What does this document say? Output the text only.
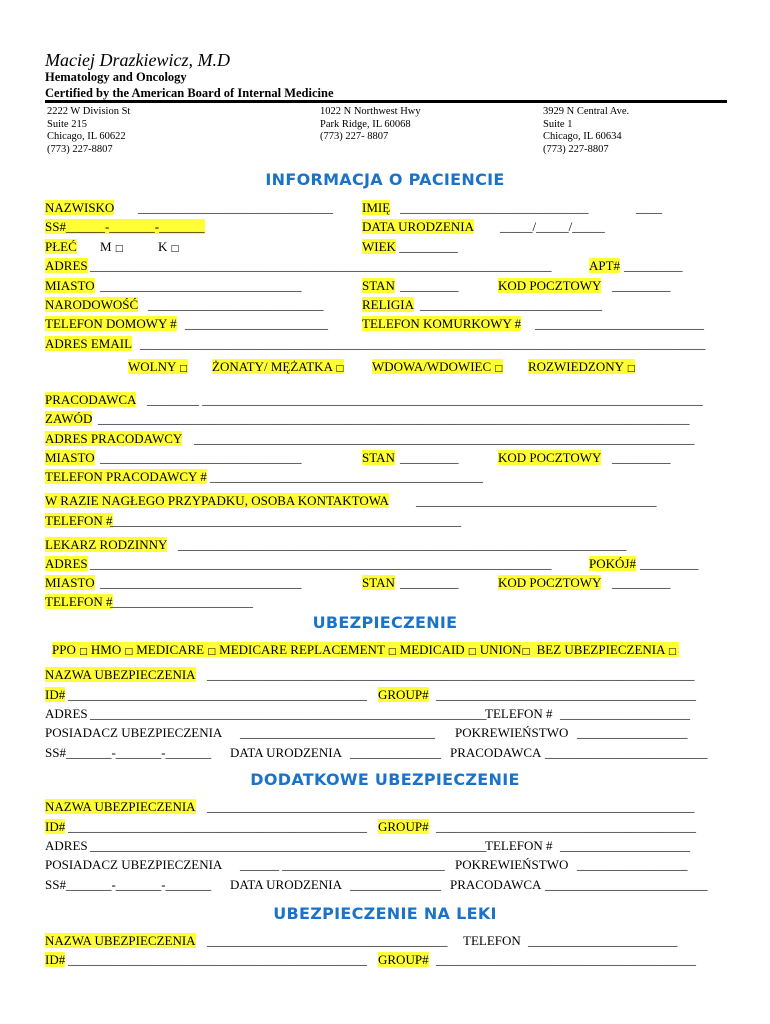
Maciej Drazkiewicz, M.D
Hematology and Oncology
Certified by the American Board of Internal Medicine
2222 W Division St
Suite 215
Chicago, IL 60622
(773) 227-8807
1022 N Northwest Hwy
Park Ridge, IL 60068
(773) 227- 8807
3929 N Central Ave.
Suite 1
Chicago, IL 60634
(773) 227-8807
INFORMACJA O PACIENCIE
NAZWISKO ______________________________ IMIĘ _____________________________	____
SS#______-_______-_______	DATA URODZENIA _____/_____/_____
PŁEĆ M □	K □	WIEK _________
ADRES _______________________________________________________________________	APT# _________
MIASTO _______________________________	STAN _________	KOD POCZTOWY _________
NARODOWOŚĆ ___________________________	RELIGIA ____________________________
TELEFON DOMOWY # ______________________	TELEFON KOMURKOWY # __________________________
ADRES EMAIL _______________________________________________________________________________________
WOLNY □ ŻONATY/ MĘŻATKA □ WDOWA/WDOWIEC □ ROZWIEDZONY □
PRACODAWCA ________ _____________________________________________________________________________
ZAWÓD ___________________________________________________________________________________________
ADRES PRACODAWCY _____________________________________________________________________________
MIASTO _______________________________	STAN _________	KOD POCZTOWY _________
TELEFON PRACODAWCY # __________________________________________
W RAZIE NAGŁEGO PRZYPADKU, OSOBA KONTAKTOWA _____________________________________
TELEFON #
______________________________________________________
LEKARZ RODZINNY _____________________________________________________________________
ADRES _______________________________________________________________________	POKÓJ# _________
MIASTO _______________________________	STAN _________	KOD POCZTOWY _________
TELEFON #
______________________
UBEZPIECZENIE
PPO □ HMO □ MEDICARE □ MEDICARE REPLACEMENT □ MEDICAID □ UNION□ BEZ UBEZPIECZENIA □
NAZWA UBEZPIECZENIA ___________________________________________________________________________
ID# ______________________________________________ GROUP# ________________________________________
ADRES _____________________________________________________________
TELEFON # ____________________
POSIADACZ UBEZPIECZENIA ______________________________ POKREWIEŃSTWO _________________
SS#_______-_______-_______ DATA URODZENIA ______________ PRACODAWCA _________________________
DODATKOWE UBEZPIECZENIE
NAZWA UBEZPIECZENIA ___________________________________________________________________________
ID# ______________________________________________ GROUP# ________________________________________
ADRES _____________________________________________________________
TELEFON # ____________________
POSIADACZ UBEZPIECZENIA ______ _________________________ POKREWIEŃSTWO _________________
SS#_______-_______-_______ DATA URODZENIA ______________ PRACODAWCA _________________________
UBEZPIECZENIE NA LEKI
NAZWA UBEZPIECZENIA _____________________________________ TELEFON _______________________
ID# ______________________________________________ GROUP# ________________________________________
